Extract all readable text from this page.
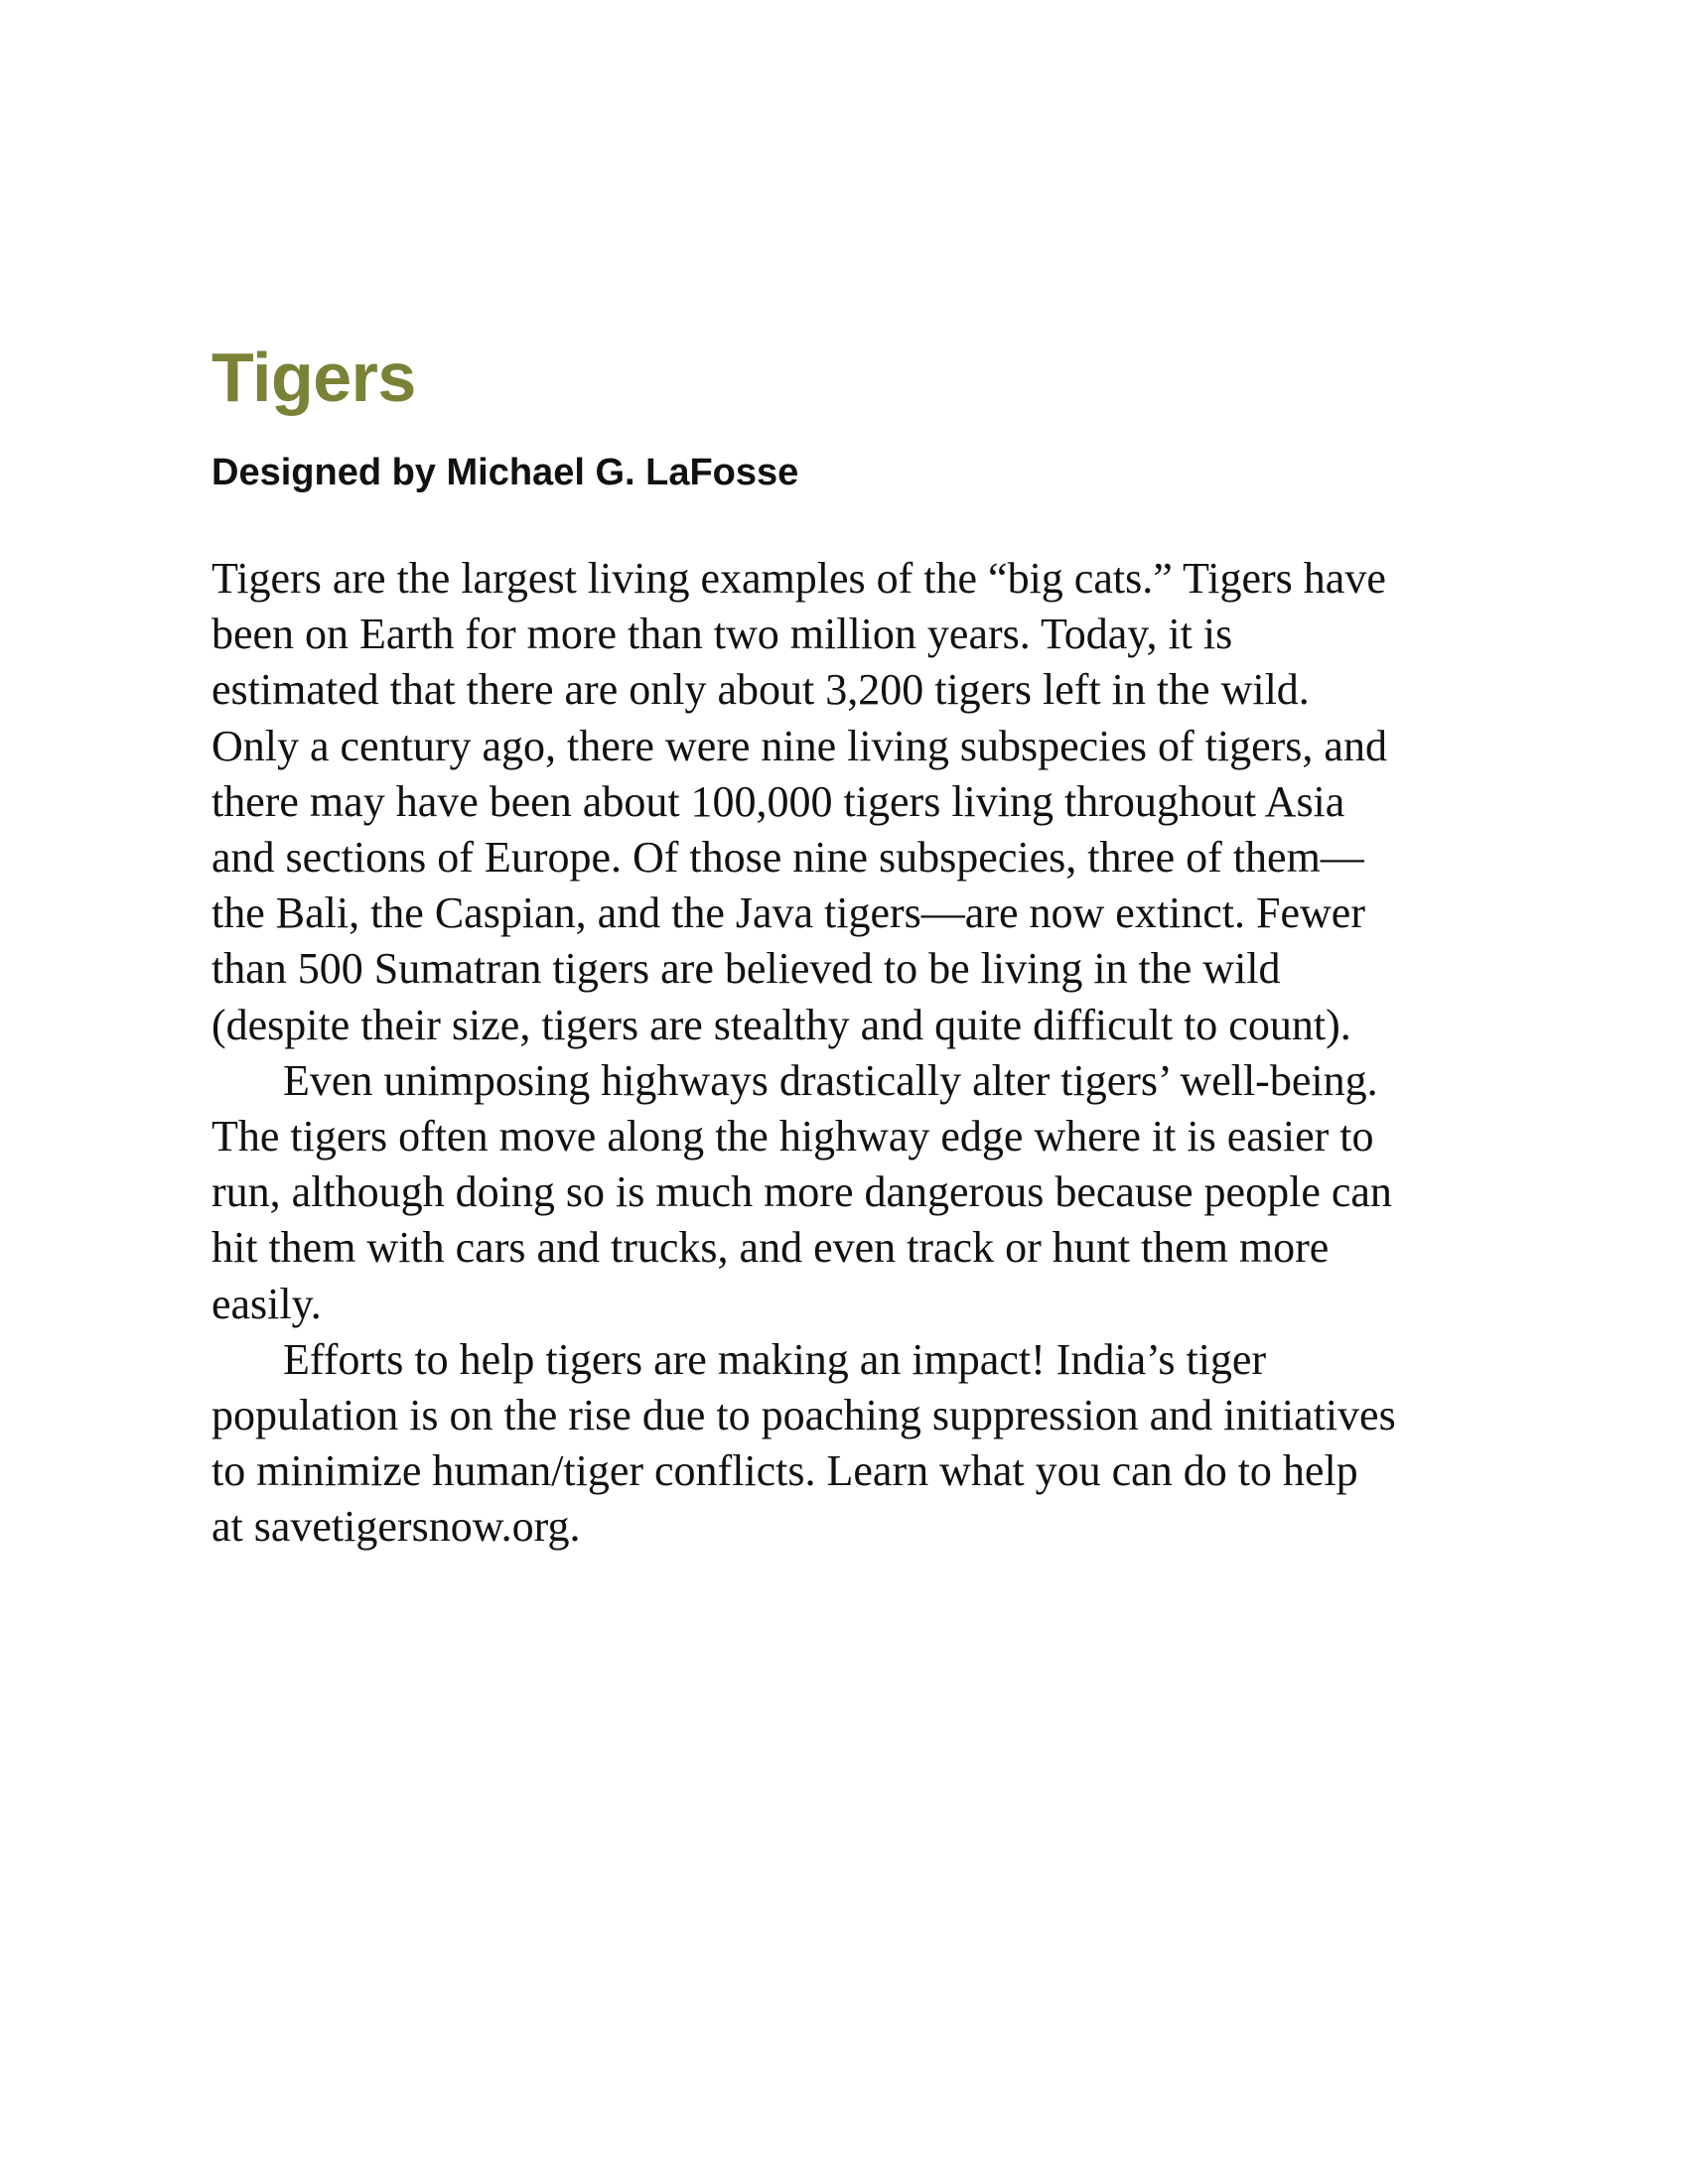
Tigers
Designed by Michael G. LaFosse

Tigers are the largest living examples of the “big cats.” Tigers have
been on Earth for more than two million years. Today, it is
estimated that there are only about 3,200 tigers left in the wild.
Only a century ago, there were nine living subspecies of tigers, and
there may have been about 100,000 tigers living throughout Asia
and sections of Europe. Of those nine subspecies, three of them—
the Bali, the Caspian, and the Java tigers—are now extinct. Fewer
than 500 Sumatran tigers are believed to be living in the wild
(despite their size, tigers are stealthy and quite difficult to count).

Even unimposing highways drastically alter tigers’ well-being.
The tigers often move along the highway edge where it is easier to
run, although doing so is much more dangerous because people can
hit them with cars and trucks, and even track or hunt them more
easily.

Efforts to help tigers are making an impact! India’s tiger
population is on the rise due to poaching suppression and initiatives
to minimize human/tiger conflicts. Learn what you can do to help
at savetigersnow.org.
